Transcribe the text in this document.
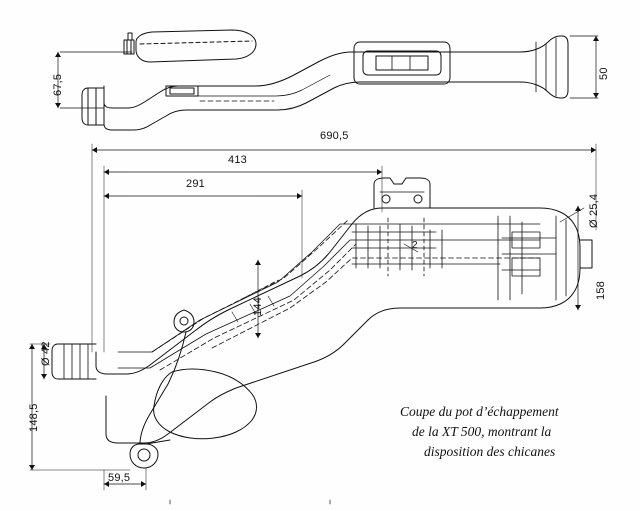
67,5
50
690,5
413
291
158
144
148,5
59,5
Ø 25,4
Ø 42
2
Coupe du pot d’échappement
de la XT 500, montrant la
disposition des chicanes
